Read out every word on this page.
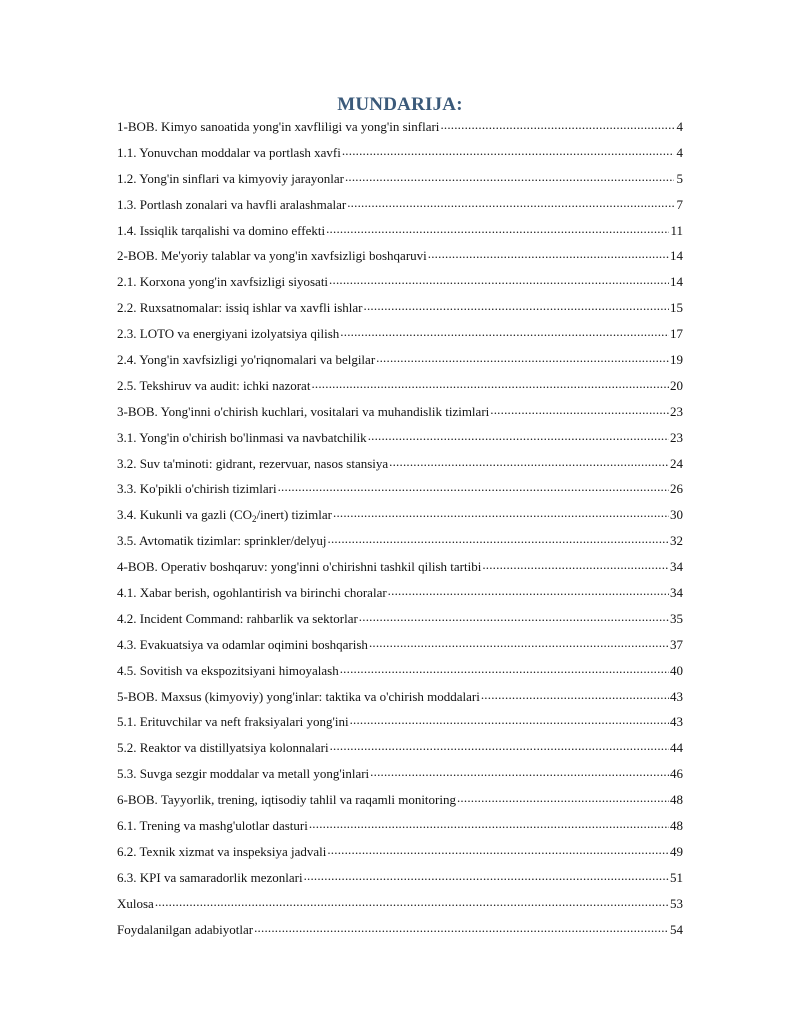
MUNDARIJA:
1-BOB. Kimyo sanoatida yong'in xavfliligi va yong'in sinflari .....	4
1.1. Yonuvchan moddalar va portlash xavfi .....	4
1.2. Yong'in sinflari va kimyoviy jarayonlar .....	5
1.3. Portlash zonalari va havfli aralashmalar .....	7
1.4. Issiqlik tarqalishi va domino effekti .....	11
2-BOB. Me'yoriy talablar va yong'in xavfsizligi boshqaruvi .....	14
2.1. Korxona yong'in xavfsizligi siyosati .....	14
2.2. Ruxsatnomalar: issiq ishlar va xavfli ishlar .....	15
2.3. LOTO va energiyani izolyatsiya qilish .....	17
2.4. Yong'in xavfsizligi yo'riqnomalari va belgilar .....	19
2.5. Tekshiruv va audit: ichki nazorat .....	20
3-BOB. Yong'inni o'chirish kuchlari, vositalari va muhandislik tizimlari .....	23
3.1. Yong'in o'chirish bo'linmasi va navbatchilik .....	23
3.2. Suv ta'minoti: gidrant, rezervuar, nasos stansiya .....	24
3.3. Ko'pikli o'chirish tizimlari .....	26
3.4. Kukunli va gazli $(CO_2/inert)$ tizimlar .....	30
3.5. Avtomatik tizimlar: sprinkler/delyuj .....	32
4-BOB. Operativ boshqaruv: yong'inni o'chirishni tashkil qilish tartibi .....	34
4.1. Xabar berish, ogohlantirish va birinchi choralar .....	34
4.2. Incident Command: rahbarlik va sektorlar .....	35
4.3. Evakuatsiya va odamlar oqimini boshqarish .....	37
4.5. Sovitish va ekspozitsiyani himoyalash .....	40
5-BOB. Maxsus (kimyoviy) yong'inlar: taktika va o'chirish moddalari .....	43
5.1. Erituvchilar va neft fraksiyalari yong'ini .....	43
5.2. Reaktor va distillyatsiya kolonnalari .....	44
5.3. Suvga sezgir moddalar va metall yong'inlari .....	46
6-BOB. Tayyorlik, trening, iqtisodiy tahlil va raqamli monitoring .....	48
6.1. Trening va mashg'ulotlar dasturi .....	48
6.2. Texnik xizmat va inspeksiya jadvali .....	49
6.3. KPI va samaradorlik mezonlari .....	51
Xulosa .....	53
Foydalanilgan adabiyotlar .....	54
